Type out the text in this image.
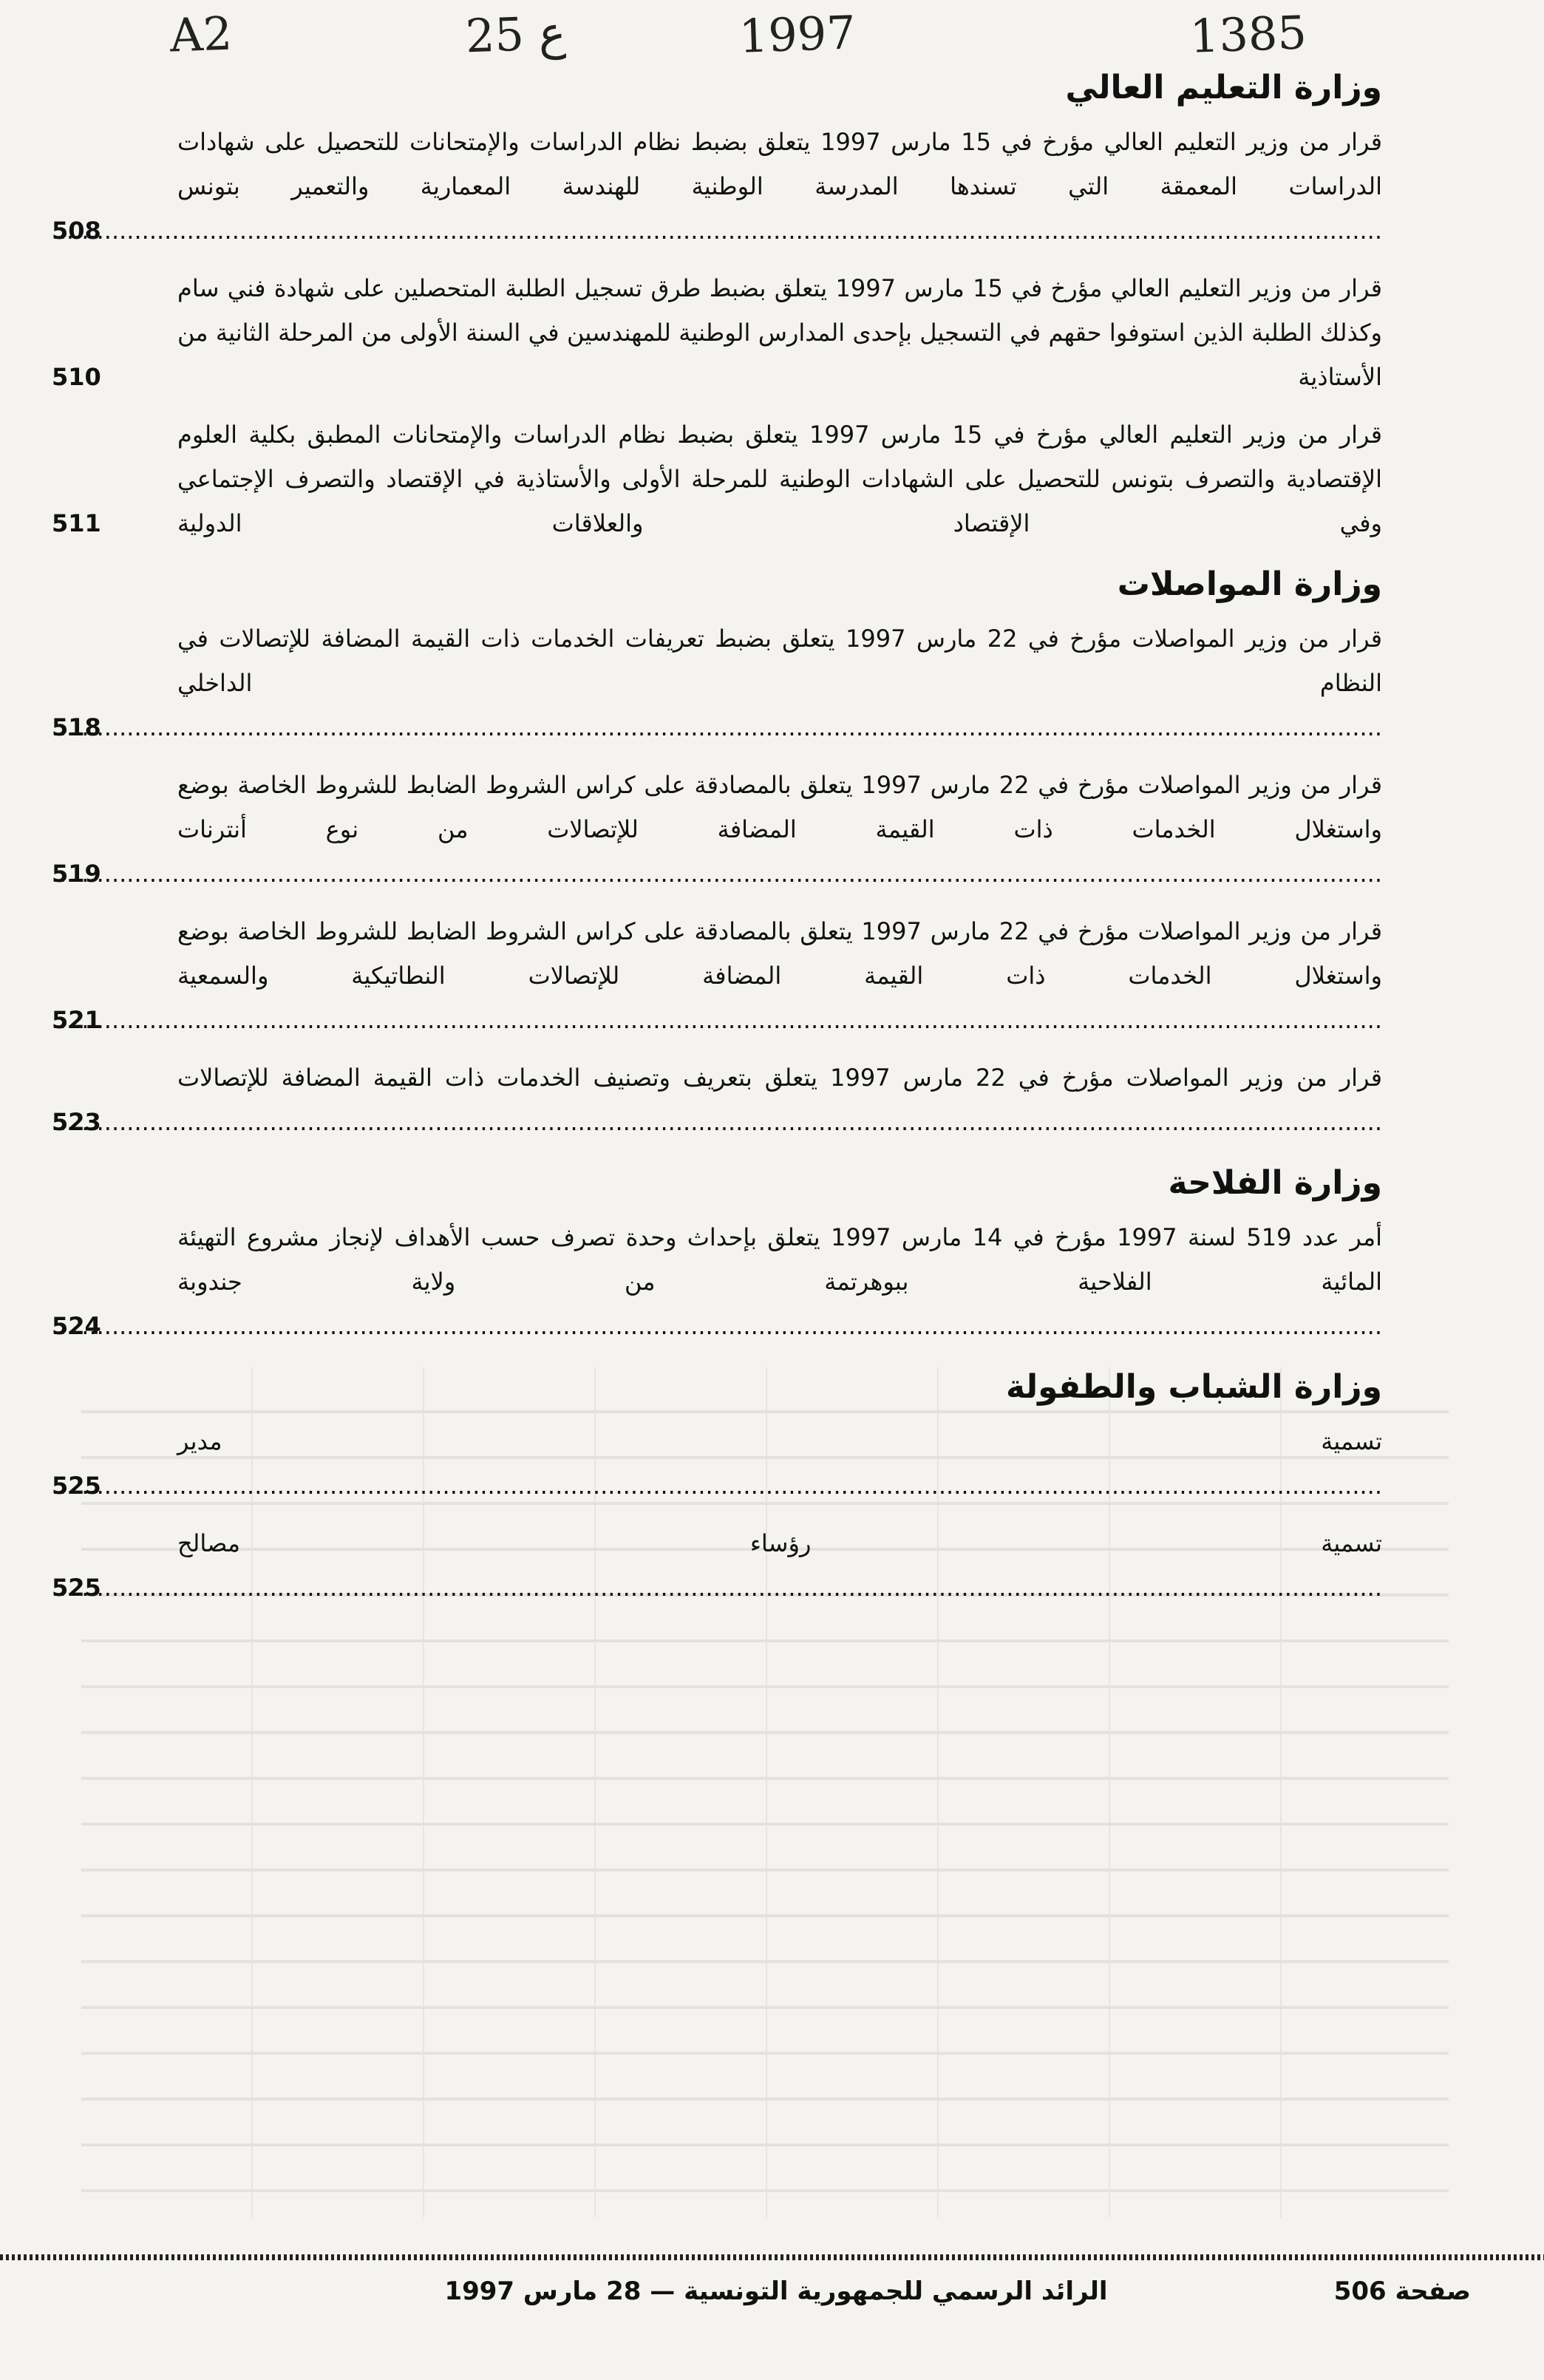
A2	25 ع	1997	1385
وزارة التعليم العالي
قرار من وزير التعليم العالي مؤرخ في 15 مارس 1997 يتعلق بضبط نظام الدراسات والإمتحانات للتحصيل على شهادات الدراسات المعمقة التي تسندها المدرسة الوطنية للهندسة المعمارية والتعمير بتونس .....
508
قرار من وزير التعليم العالي مؤرخ في 15 مارس 1997 يتعلق بضبط طرق تسجيل الطلبة المتحصلين على شهادة فني سام وكذلك الطلبة الذين استوفوا حقهم في التسجيل بإحدى المدارس الوطنية للمهندسين في السنة الأولى من المرحلة الثانية من الأستاذية .....
510
قرار من وزير التعليم العالي مؤرخ في 15 مارس 1997 يتعلق بضبط نظام الدراسات والإمتحانات المطبق بكلية العلوم الإقتصادية والتصرف بتونس للتحصيل على الشهادات الوطنية للمرحلة الأولى والأستاذية في الإقتصاد والتصرف الإجتماعي وفي الإقتصاد والعلاقات الدولية .....
511
وزارة المواصلات
قرار من وزير المواصلات مؤرخ في 22 مارس 1997 يتعلق بضبط تعريفات الخدمات ذات القيمة المضافة للإتصالات في النظام الداخلي .....
518
قرار من وزير المواصلات مؤرخ في 22 مارس 1997 يتعلق بالمصادقة على كراس الشروط الضابط للشروط الخاصة بوضع واستغلال الخدمات ذات القيمة المضافة للإتصالات من نوع أنترنات .....
519
قرار من وزير المواصلات مؤرخ في 22 مارس 1997 يتعلق بالمصادقة على كراس الشروط الضابط للشروط الخاصة بوضع واستغلال الخدمات ذات القيمة المضافة للإتصالات النطاتيكية والسمعية .....
521
قرار من وزير المواصلات مؤرخ في 22 مارس 1997 يتعلق بتعريف وتصنيف الخدمات ذات القيمة المضافة للإتصالات .....
523
وزارة الفلاحة
أمر عدد 519 لسنة 1997 مؤرخ في 14 مارس 1997 يتعلق بإحداث وحدة تصرف حسب الأهداف لإنجاز مشروع التهيئة المائية الفلاحية ببوهرتمة من ولاية جندوبة .....
524
وزارة الشباب والطفولة
تسمية مدير .....
525
تسمية رؤساء مصالح .....
525
صفحة 506
الرائد الرسمي للجمهورية التونسية — 28 مارس 1997
